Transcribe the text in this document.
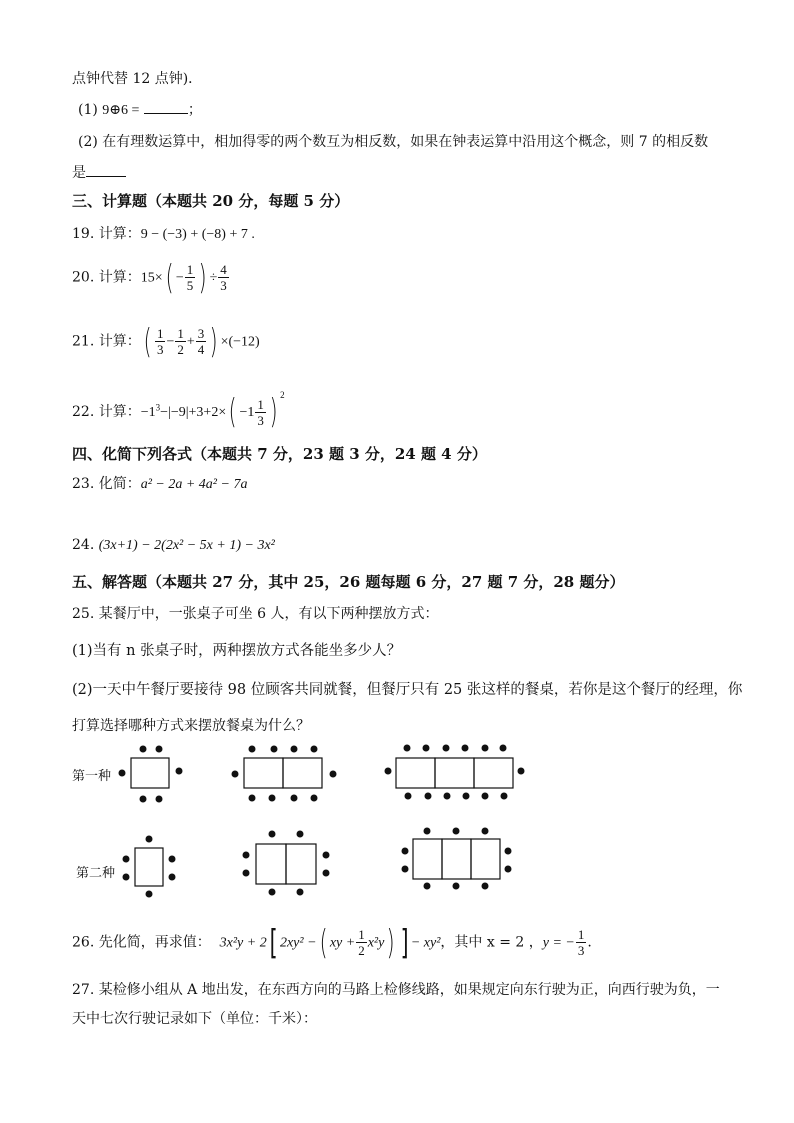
点钟代替 12 点钟)．
(1) 9⊕6 =	；
(2) 在有理数运算中，相加得零的两个数互为相反数，如果在钟表运算中沿用这个概念，则 7 的相反数
是
三、计算题（本题共 20 分，每题 5 分）
19. 计算：9 − (−3) + (−8) + 7 .
20. 计算：$15\times( - \frac{1}{5}$ ) ÷ $\frac{4}{3}$
21. 计算：( $\frac{1}{3} - \frac{1}{2} + \frac{3}{4}$ ) ×(−12)
22. 计算：$-1^3-|-9|+3+2\times( -1 \frac{1}{3}$ ) $^2$
四、化简下列各式（本题共 7 分，23 题 3 分，24 题 4 分）
23. 化简：a² − 2a + 4a² − 7a
24. (3x+1) − 2(2x² − 5x + 1) − 3x²
五、解答题（本题共 27 分，其中 25，26 题每题 6 分，27 题 7 分，28 题分）
25. 某餐厅中，一张桌子可坐 6 人，有以下两种摆放方式：
(1)当有 n 张桌子时，两种摆放方式各能坐多少人？
(2)一天中午餐厅要接待 98 位顾客共同就餐，但餐厅只有 25 张这样的餐桌，若你是这个餐厅的经理，你
打算选择哪种方式来摆放餐桌为什么？
第一种
第二种
26. 先化简，再求值： 3x²y + 2[ 2xy² −( xy + $\frac{1}{2} x^2y$) ] − xy²，其中 x = 2 ，y = − $\frac{1}{3}$ .
27. 某检修小组从 A 地出发，在东西方向的马路上检修线路，如果规定向东行驶为正，向西行驶为负，一
天中七次行驶记录如下（单位：千米）：
